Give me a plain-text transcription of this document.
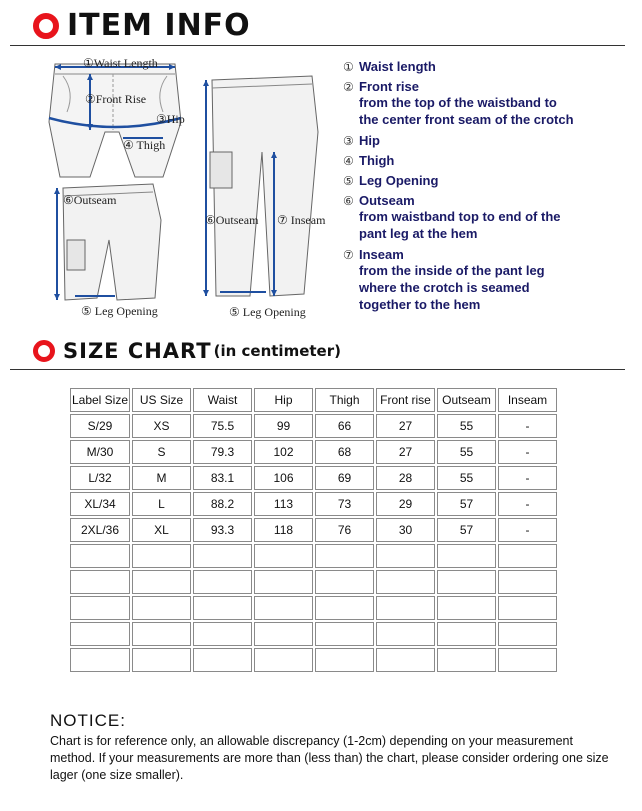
ITEM INFO
①Waist Length
②Front Rise
③Hip
④ Thigh
⑥Outseam
⑤ Leg Opening
⑥Outseam ⑦ Inseam
⑤ Leg Opening
① Waist length
② Front rise
from the top of the waistband to
the center front seam of the crotch
③ Hip
④ Thigh
⑤ Leg Opening
⑥ Outseam
from waistband top to end of the
pant leg at the hem
⑦ Inseam
from the inside of the pant leg
where the crotch is seamed
together to the hem
SIZE CHART (in centimeter)
Label Size	US Size	Waist	Hip	Thigh	Front rise	Outseam	Inseam
S/29	XS	75.5	99	66	27	55	-
M/30	S	79.3	102	68	27	55	-
L/32	M	83.1	106	69	28	55	-
XL/34	L	88.2	113	73	29	57	-
2XL/36	XL	93.3	118	76	30	57	-

NOTICE:
Chart is for reference only, an allowable discrepancy (1-2cm) depending on your measurement method. If your measurements are more than (less than) the chart, please consider ordering one size lager (one size smaller).
